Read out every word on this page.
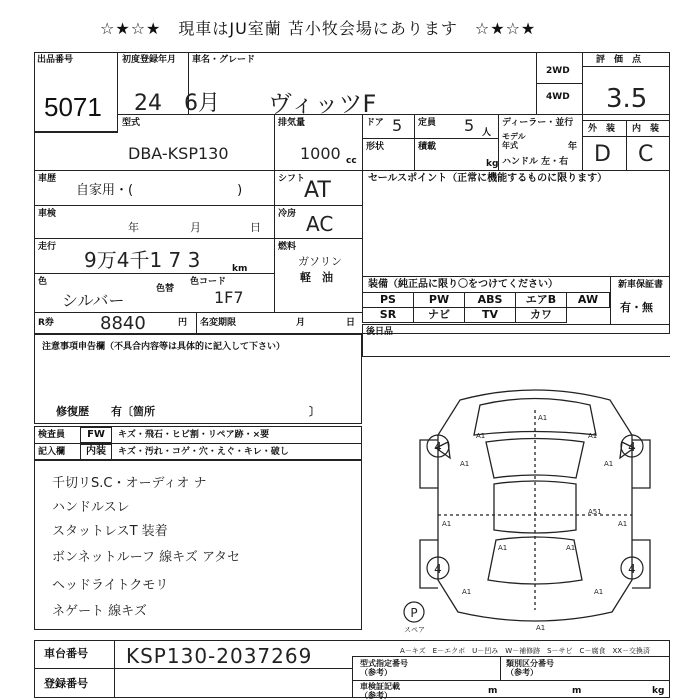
☆★☆★　現車はJU室蘭 苫小牧会場にあります　☆★☆★
出品番号
5071
初度登録年月
24　6月
車名・グレード
ヴィッツF
2WD
4WD
評　価　点
3.5
型式
DBA-KSP130
排気量
1000 cc
ドア 5 定員 5 人
形状	積載
kg
ディーラー・並行
モデル
年式	年
ハンドル 左・右
外　装 内　装
D C
車歴
自家用・(　　　　　　　　)
シフト
AT	セールスポイント（正常に機能するものに限ります）
車検
年	月	日
冷房 AC
走行
9万4千1 7 3	km
燃料
ガソリン
軽　油
色
シルバー
色替
色コード
1F7
装備（純正品に限り〇をつけてください）	新車保証書
有・無
PS	PW	ABS	エアB	AW
SR	ナビ	TV	カワ
R券	8840	円 名変期限	月	日
後日品
注意事項申告欄（不具合内容等は具体的に記入して下さい）
修復歴　　有〔箇所　　　　　　　　　　　　　　〕
検査員
記入欄
FW	キズ・飛石・ヒビ割・リペア跡・×要
内装	キズ・汚れ・コゲ・穴・えぐ・キレ・破し
千切リS.C・オーディオ ナ
ハンドルスレ
スタットレスT 装着
ボンネットルーフ 線キズ アタセ
ヘッドライトクモリ
ネゲート 線キズ
4	4
4	4
P
スペア
A1
A1	A1
A1	A1
A1	A1
A1	A1
A1	A1
A1
A51
A－キズ　E－エクボ　U－凹み　W－補修跡　S－サビ　C－腐食　XX－交換済
車台番号 KSP130-2037269
登録番号
型式指定番号
（参考）
類別区分番号
（参考）
車検証記載
（参考）	m	m	kg
